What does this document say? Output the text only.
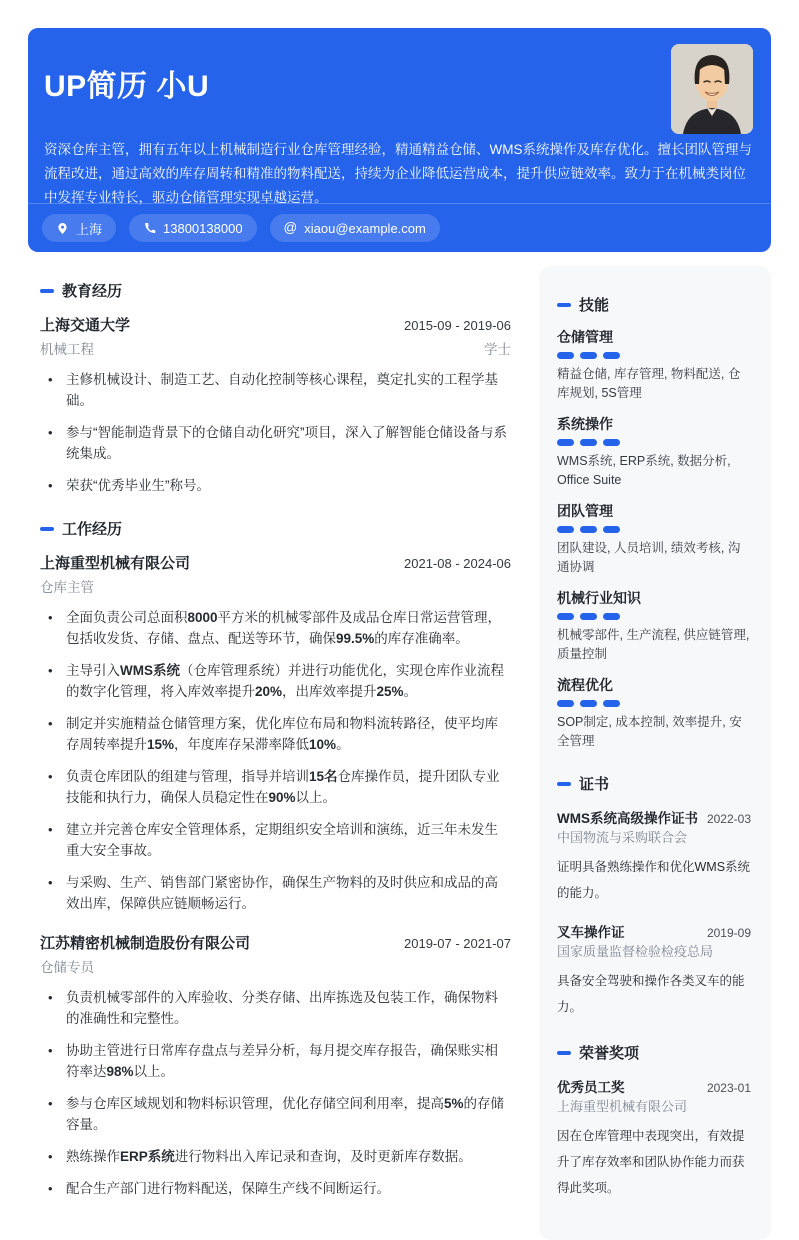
UP简历 小U

资深仓库主管，拥有五年以上机械制造行业仓库管理经验，精通精益仓储、WMS系统操作及库存优化。擅长团队管理与流程改进，通过高效的库存周转和精准的物料配送，持续为企业降低运营成本，提升供应链效率。致力于在机械类岗位中发挥专业特长，驱动仓储管理实现卓越运营。

上海	13800138000	@ xiaou@example.com
教育经历
上海交通大学	2015-09 - 2019-06
机械工程	学士
• 主修机械设计、制造工艺、自动化控制等核心课程，奠定扎实的工程学基础。
• 参与“智能制造背景下的仓储自动化研究”项目，深入了解智能仓储设备与系统集成。
• 荣获“优秀毕业生”称号。
工作经历
上海重型机械有限公司	2021-08 - 2024-06
仓库主管
• 全面负责公司总面积8000平方米的机械零部件及成品仓库日常运营管理，包括收发货、存储、盘点、配送等环节，确保99.5%的库存准确率。
• 主导引入WMS系统（仓库管理系统）并进行功能优化，实现仓库作业流程的数字化管理，将入库效率提升20%，出库效率提升25%。
• 制定并实施精益仓储管理方案，优化库位布局和物料流转路径，使平均库存周转率提升15%，年度库存呆滞率降低10%。
• 负责仓库团队的组建与管理，指导并培训15名仓库操作员，提升团队专业技能和执行力，确保人员稳定性在90%以上。
• 建立并完善仓库安全管理体系，定期组织安全培训和演练，近三年未发生重大安全事故。
• 与采购、生产、销售部门紧密协作，确保生产物料的及时供应和成品的高效出库，保障供应链顺畅运行。
江苏精密机械制造股份有限公司	2019-07 - 2021-07
仓储专员
• 负责机械零部件的入库验收、分类存储、出库拣选及包装工作，确保物料的准确性和完整性。
• 协助主管进行日常库存盘点与差异分析，每月提交库存报告，确保账实相符率达98%以上。
• 参与仓库区域规划和物料标识管理，优化存储空间利用率，提高5%的存储容量。
• 熟练操作ERP系统进行物料出入库记录和查询，及时更新库存数据。
• 配合生产部门进行物料配送，保障生产线不间断运行。
技能
仓储管理
精益仓储, 库存管理, 物料配送, 仓库规划, 5S管理
系统操作
WMS系统, ERP系统, 数据分析, Office Suite
团队管理
团队建设, 人员培训, 绩效考核, 沟通协调
机械行业知识
机械零部件, 生产流程, 供应链管理, 质量控制
流程优化
SOP制定, 成本控制, 效率提升, 安全管理
证书
WMS系统高级操作证书 2022-03
中国物流与采购联合会
证明具备熟练操作和优化WMS系统的能力。
叉车操作证	2019-09
国家质量监督检验检疫总局
具备安全驾驶和操作各类叉车的能力。
荣誉奖项
优秀员工奖	2023-01
上海重型机械有限公司
因在仓库管理中表现突出，有效提升了库存效率和团队协作能力而获得此奖项。
